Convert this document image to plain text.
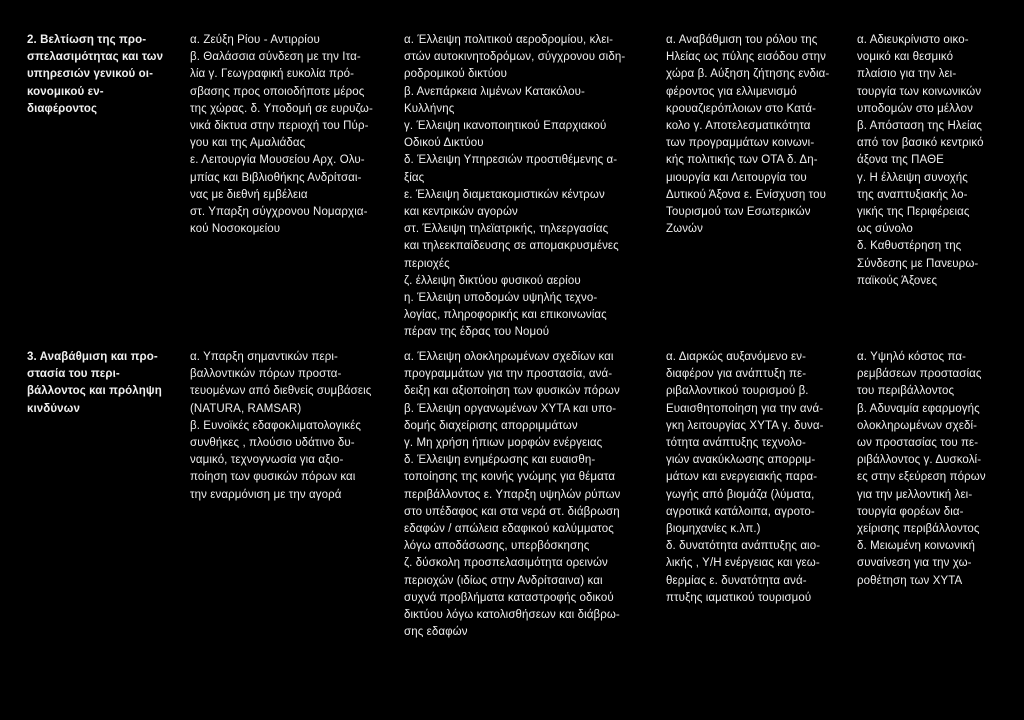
2. Βελτίωση της προ-
σπελασιμότητας και των
υπηρεσιών γενικού οι-
κονομικού εν-
διαφέροντος
α. Ζεύξη Ρίου - Αντιρρίου
β. Θαλάσσια σύνδεση με την Ιτα-
λία γ. Γεωγραφική ευκολία πρό-
σβασης προς οποιοδήποτε μέρος
της χώρας. δ. Υποδομή σε ευρυζω-
νικά δίκτυα στην περιοχή του Πύρ-
γου και της Αμαλιάδας
ε. Λειτουργία Μουσείου Αρχ. Ολυ-
μπίας και Βιβλιοθήκης Ανδρίτσαι-
νας με διεθνή εμβέλεια
στ. Υπαρξη σύγχρονου Νομαρχια-
κού Νοσοκομείου
α. Έλλειψη πολιτικού αεροδρομίου, κλει-
στών αυτοκινητοδρόμων, σύγχρονου σιδη-
ροδρομικού δικτύου
β. Ανεπάρκεια λιμένων Κατακόλου-
Κυλλήνης
γ. Έλλειψη ικανοποιητικού Επαρχιακού
Οδικού Δικτύου
δ. Έλλειψη Υπηρεσιών προστιθέμενης α-
ξίας
ε. Έλλειψη διαμετακομιστικών κέντρων
και κεντρικών αγορών
στ. Έλλειψη τηλεϊατρικής, τηλεεργασίας
και τηλεεκπαίδευσης σε απομακρυσμένες
περιοχές
ζ. έλλειψη δικτύου φυσικού αερίου
η. Έλλειψη υποδομών υψηλής τεχνο-
λογίας, πληροφορικής και επικοινωνίας
πέραν της έδρας του Νομού
α. Αναβάθμιση του ρόλου της
Ηλείας ως πύλης εισόδου στην
χώρα β. Αύξηση ζήτησης ενδια-
φέροντος για ελλιμενισμό
κρουαζιερόπλοιων στο Κατά-
κολο γ. Αποτελεσματικότητα
των προγραμμάτων κοινωνι-
κής πολιτικής των ΟΤΑ δ. Δη-
μιουργία και Λειτουργία του
Δυτικού Άξονα ε. Ενίσχυση του
Τουρισμού των Εσωτερικών
Ζωνών
α. Αδιευκρίνιστο οικο-
νομικό και θεσμικό
πλαίσιο για την λει-
τουργία των κοινωνικών
υποδομών στο μέλλον
β. Απόσταση της Ηλείας
από τον βασικό κεντρικό
άξονα της ΠΑΘΕ
γ. Η έλλειψη συνοχής
της αναπτυξιακής λο-
γικής της Περιφέρειας
ως σύνολο
δ. Καθυστέρηση της
Σύνδεσης με Πανευρω-
παϊκούς Άξονες
3. Αναβάθμιση και προ-
στασία του περι-
βάλλοντος και πρόληψη
κινδύνων
α. Υπαρξη σημαντικών περι-
βαλλοντικών πόρων προστα-
τευομένων από διεθνείς συμβάσεις
(NATURA, RAMSAR)
β. Ευνοϊκές εδαφοκλιματολογικές
συνθήκες , πλούσιο υδάτινο δυ-
ναμικό, τεχνογνωσία για αξιο-
ποίηση των φυσικών πόρων και
την εναρμόνιση με την αγορά
α. Έλλειψη ολοκληρωμένων σχεδίων και
προγραμμάτων για την προστασία, ανά-
δειξη και αξιοποίηση των φυσικών πόρων
β. Έλλειψη οργανωμένων ΧΥΤΑ και υπο-
δομής διαχείρισης απορριμμάτων
γ. Μη χρήση ήπιων μορφών ενέργειας
δ. Έλλειψη ενημέρωσης και ευαισθη-
τοποίησης της κοινής γνώμης για θέματα
περιβάλλοντος ε. Υπαρξη υψηλών ρύπων
στο υπέδαφος και στα νερά στ. διάβρωση
εδαφών / απώλεια εδαφικού καλύμματος
λόγω αποδάσωσης, υπερβόσκησης
ζ. δύσκολη προσπελασιμότητα ορεινών
περιοχών (ιδίως στην Ανδρίτσαινα) και
συχνά προβλήματα καταστροφής οδικού
δικτύου λόγω κατολισθήσεων και διάβρω-
σης εδαφών
α. Διαρκώς αυξανόμενο εν-
διαφέρον για ανάπτυξη πε-
ριβαλλοντικού τουρισμού β.
Ευαισθητοποίηση για την ανά-
γκη λειτουργίας ΧΥΤΑ γ. δυνα-
τότητα ανάπτυξης τεχνολο-
γιών ανακύκλωσης απορριμ-
μάτων και ενεργειακής παρα-
γωγής από βιομάζα (λύματα,
αγροτικά κατάλοιπα, αγροτο-
βιομηχανίες κ.λπ.)
δ. δυνατότητα ανάπτυξης αιο-
λικής , Υ/Η ενέργειας και γεω-
θερμίας ε. δυνατότητα ανά-
πτυξης ιαματικού τουρισμού
α. Υψηλό κόστος πα-
ρεμβάσεων προστασίας
του περιβάλλοντος
β. Αδυναμία εφαρμογής
ολοκληρωμένων σχεδί-
ων προστασίας του πε-
ριβάλλοντος γ. Δυσκολί-
ες στην εξεύρεση πόρων
για την μελλοντική λει-
τουργία φορέων δια-
χείρισης περιβάλλοντος
δ. Μειωμένη κοινωνική
συναίνεση για την χω-
ροθέτηση των ΧΥΤΑ
